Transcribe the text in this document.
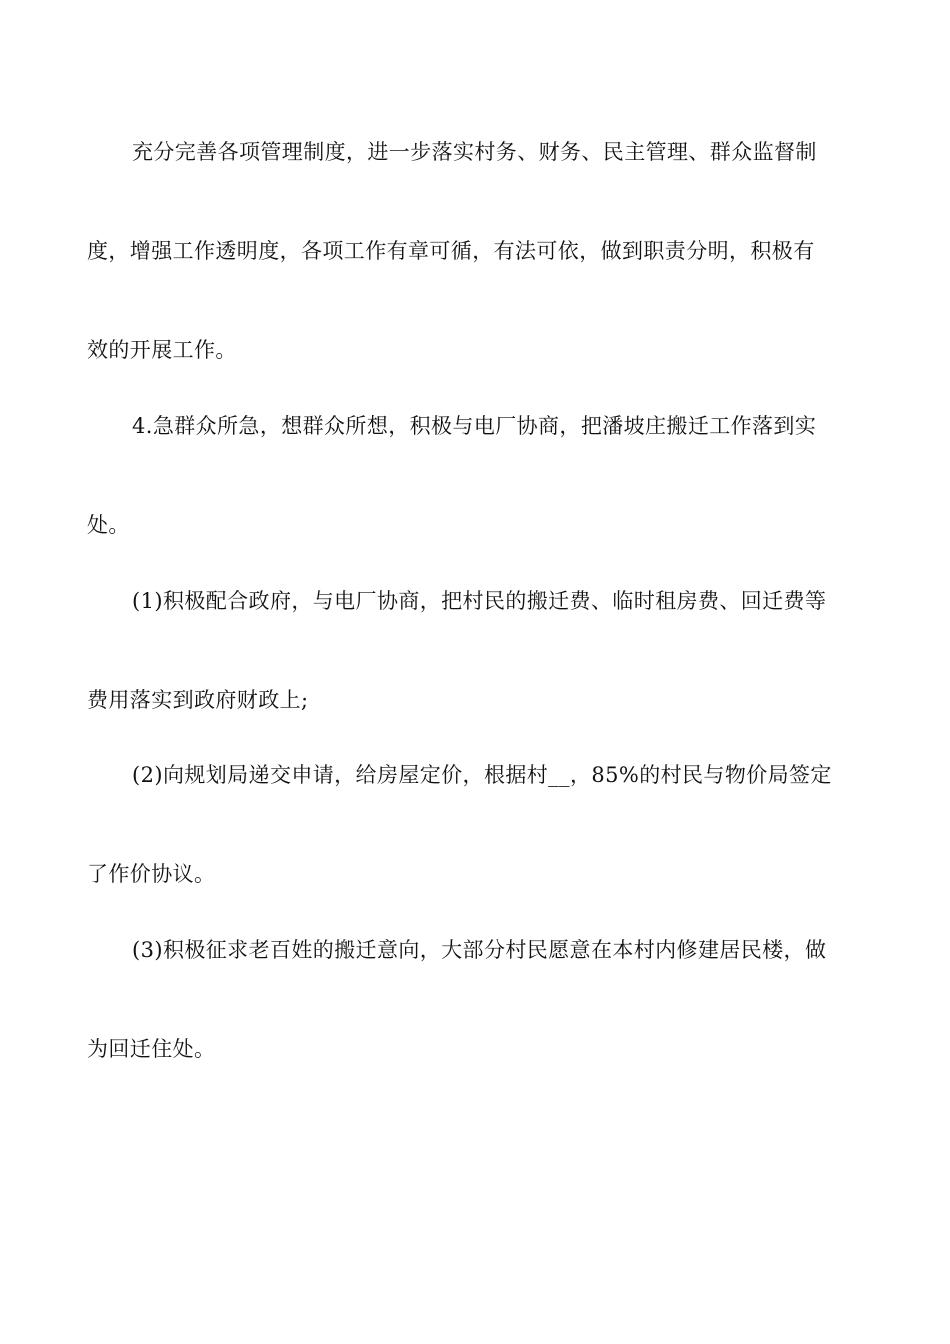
充分完善各项管理制度，进一步落实村务、财务、民主管理、群众监督制
度，增强工作透明度，各项工作有章可循，有法可依，做到职责分明，积极有
效的开展工作。
4.急群众所急，想群众所想，积极与电厂协商，把潘坡庄搬迁工作落到实
处。
(1)积极配合政府，与电厂协商，把村民的搬迁费、临时租房费、回迁费等
费用落实到政府财政上;
(2)向规划局递交申请，给房屋定价，根据村__，85%的村民与物价局签定
了作价协议。
(3)积极征求老百姓的搬迁意向，大部分村民愿意在本村内修建居民楼，做
为回迁住处。
